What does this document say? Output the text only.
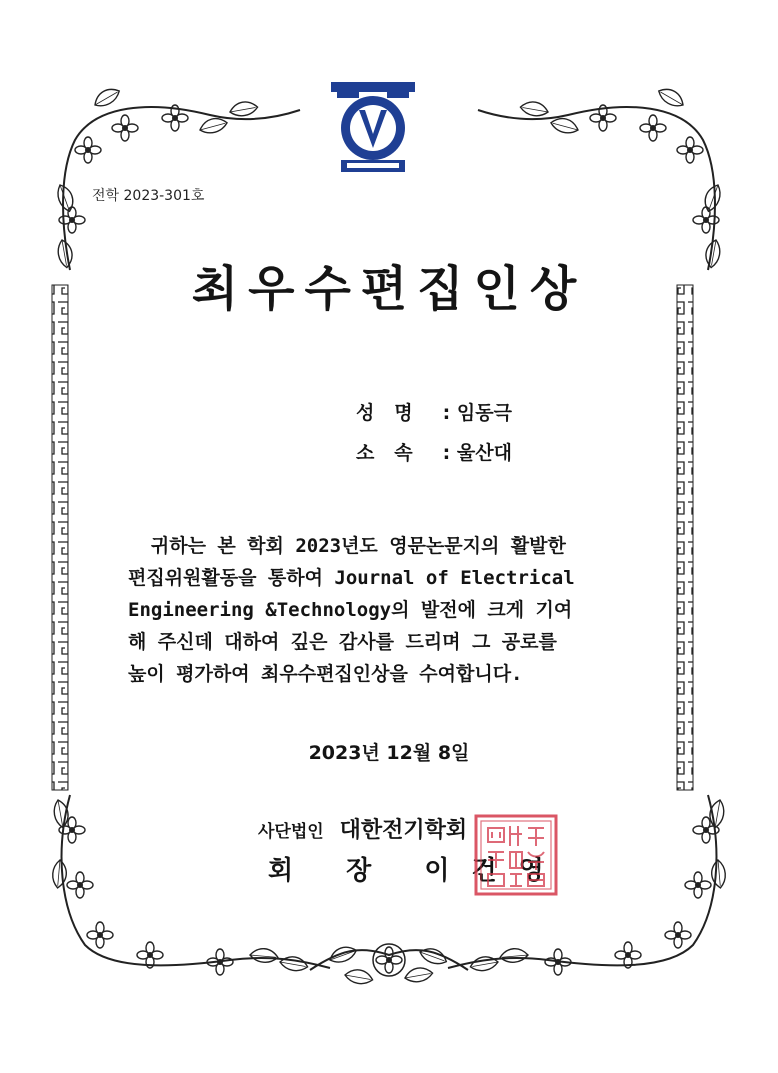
전학 2023-301호
최우수편집인상
성   명 : 임동극
소   속 : 울산대
귀하는 본 학회 2023년도 영문논문지의 활발한
편집위원활동을 통하여 Journal of Electrical
Engineering &Technology의 발전에 크게 기여
해 주신데 대하여 깊은 감사를 드리며 그 공로를
높이 평가하여 최우수편집인상을 수여합니다.
2023년 12월 8일
사단법인 대한전기학회
회 장 이건영
